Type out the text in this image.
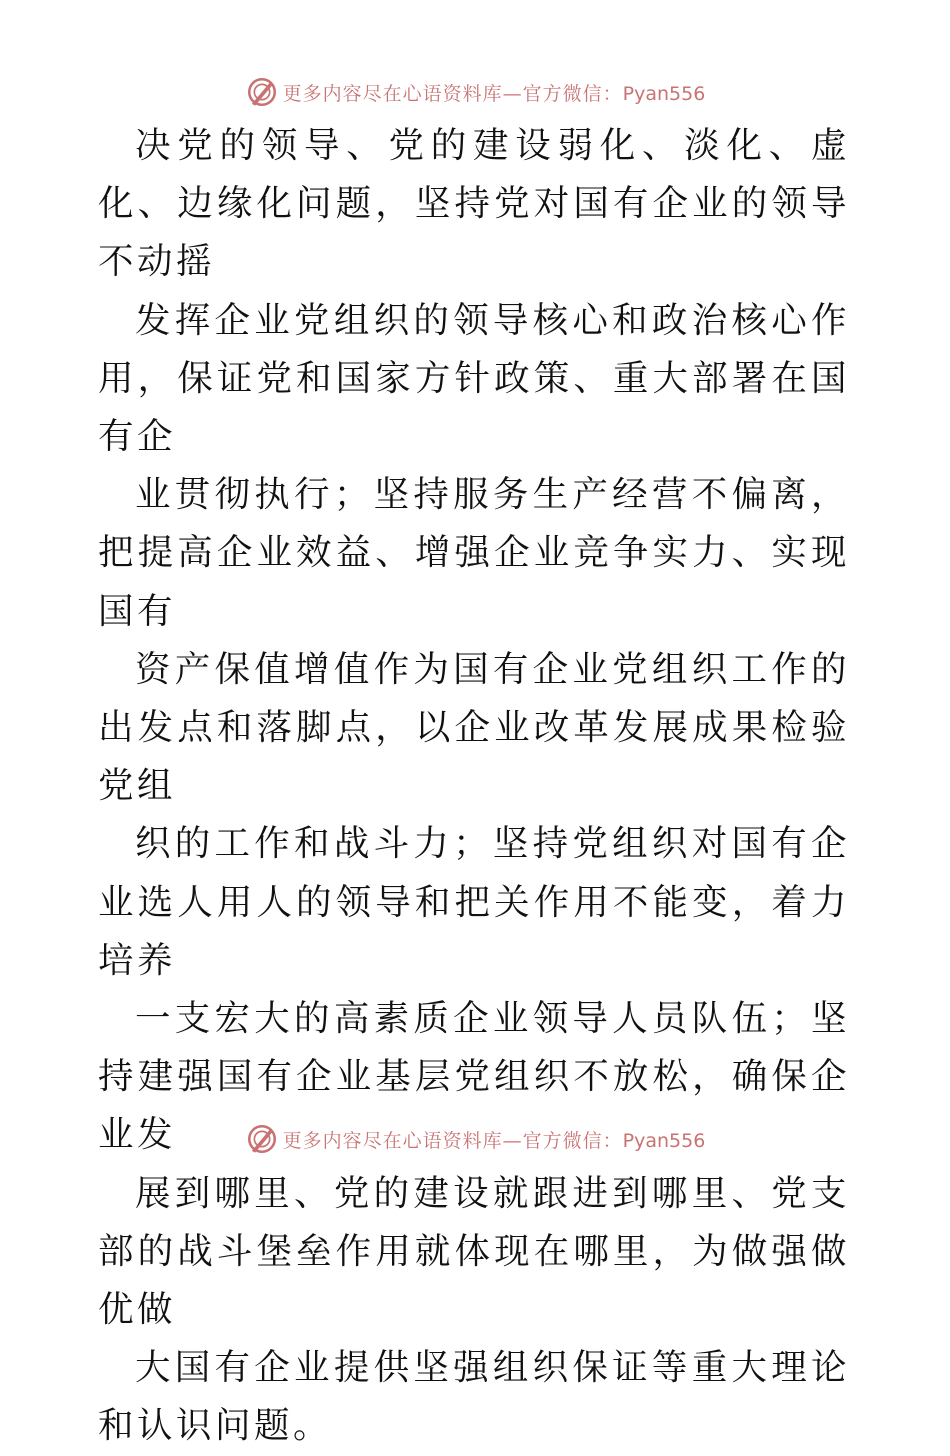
更多内容尽在心语资料库—官方微信：Pyan556

决党的领导、党的建设弱化、淡化、虚化、边缘化问题，坚持党对国有企业的领导不动摇

发挥企业党组织的领导核心和政治核心作用，保证党和国家方针政策、重大部署在国有企

业贯彻执行；坚持服务生产经营不偏离，把提高企业效益、增强企业竞争实力、实现国有

资产保值增值作为国有企业党组织工作的出发点和落脚点，以企业改革发展成果检验党组

织的工作和战斗力；坚持党组织对国有企业选人用人的领导和把关作用不能变，着力培养

一支宏大的高素质企业领导人员队伍；坚持建强国有企业基层党组织不放松，确保企业发

展到哪里、党的建设就跟进到哪里、党支部的战斗堡垒作用就体现在哪里，为做强做优做

大国有企业提供坚强组织保证等重大理论和认识问题。

更多内容尽在心语资料库—官方微信：Pyan556
